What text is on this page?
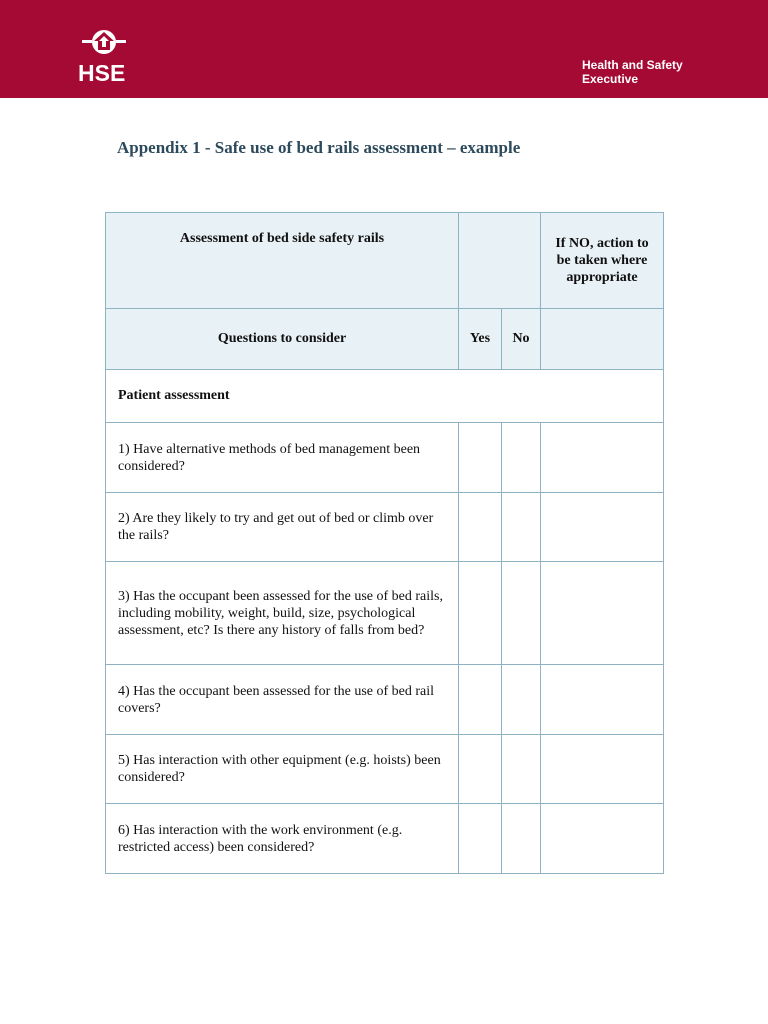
HSE	Health and Safety
Executive
Appendix 1 - Safe use of bed rails assessment – example
Assessment of bed side safety rails			If NO, action to be taken where appropriate

Questions to consider	Yes	No	
Patient assessment			
1) Have alternative methods of bed management been considered?			
2) Are they likely to try and get out of bed or climb over the rails?			
3) Has the occupant been assessed for the use of bed rails, including mobility, weight, build, size, psychological assessment, etc? Is there any history of falls from bed?			
4) Has the occupant been assessed for the use of bed rail covers?			
5) Has interaction with other equipment (e.g. hoists) been considered?			
6) Has interaction with the work environment (e.g. restricted access) been considered?			
